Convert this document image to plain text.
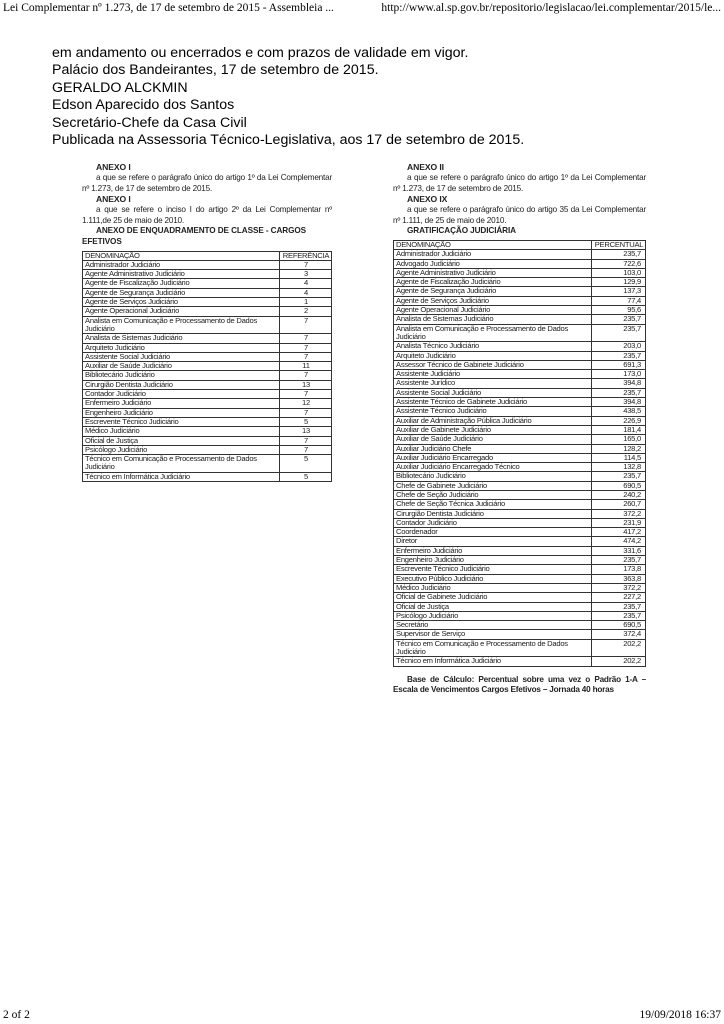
Lei Complementar nº 1.273, de 17 de setembro de 2015 - Assembleia ...	http://www.al.sp.gov.br/repositorio/legislacao/lei.complementar/2015/le...
em andamento ou encerrados e com prazos de validade em vigor.
Palácio dos Bandeirantes, 17 de setembro de 2015.
GERALDO ALCKMIN
Edson Aparecido dos Santos
Secretário-Chefe da Casa Civil
Publicada na Assessoria Técnico-Legislativa, aos 17 de setembro de 2015.
ANEXO I
a que se refere o parágrafo único do artigo 1º da Lei Complementar nº 1.273, de 17 de setembro de 2015.
ANEXO I
a que se refere o inciso I do artigo 2º da Lei Complementar nº 1.111,de 25 de maio de 2010.
ANEXO DE ENQUADRAMENTO DE CLASSE - CARGOS EFETIVOS
DENOMINAÇÃO	REFERÊNCIA
Administrador Judiciário	7
Agente Administrativo Judiciário	3
Agente de Fiscalização Judiciário	4
Agente de Segurança Judiciário	4
Agente de Serviços Judiciário	1
Agente Operacional Judiciário	2
Analista em Comunicação e Processamento de Dados Judiciário	7
Analista de Sistemas Judiciário	7
Arquiteto Judiciário	7
Assistente Social Judiciário	7
Auxiliar de Saúde Judiciário	11
Bibliotecário Judiciário	7
Cirurgião Dentista Judiciário	13
Contador Judiciário	7
Enfermeiro Judiciário	12
Engenheiro Judiciário	7
Escrevente Técnico Judiciário	5
Médico Judiciário	13
Oficial de Justiça	7
Psicólogo Judiciário	7
Técnico em Comunicação e Processamento de Dados Judiciário	5
Técnico em Informática Judiciário	5
ANEXO II
a que se refere o parágrafo único do artigo 1º da Lei Complementar nº 1.273, de 17 de setembro de 2015.
ANEXO IX
a que se refere o parágrafo único do artigo 35 da Lei Complementar nº 1.111, de 25 de maio de 2010.
GRATIFICAÇÃO JUDICIÁRIA
DENOMINAÇÃO	PERCENTUAL
Administrador Judiciário	235,7
Advogado Judiciário	722,6
Agente Administrativo Judiciário	103,0
Agente de Fiscalização Judiciário	129,9
Agente de Segurança Judiciário	137,3
Agente de Serviços Judiciário	77,4
Agente Operacional Judiciário	95,6
Analista de Sistemas Judiciário	235,7
Analista em Comunicação e Processamento de Dados Judiciário	235,7
Analista Técnico Judiciário	203,0
Arquiteto Judiciário	235,7
Assessor Técnico de Gabinete Judiciário	691,3
Assistente Judiciário	173,0
Assistente Jurídico	394,8
Assistente Social Judiciário	235,7
Assistente Técnico de Gabinete Judiciário	394,8
Assistente Técnico Judiciário	438,5
Auxiliar de Administração Pública Judiciário	226,9
Auxiliar de Gabinete Judiciário	181,4
Auxiliar de Saúde Judiciário	165,0
Auxiliar Judiciário Chefe	128,2
Auxiliar Judiciário Encarregado	114,5
Auxiliar Judiciário Encarregado Técnico	132,8
Bibliotecário Judiciário	235,7
Chefe de Gabinete Judiciário	690,5
Chefe de Seção Judiciário	240,2
Chefe de Seção Técnica Judiciário	260,7
Cirurgião Dentista Judiciário	372,2
Contador Judiciário	231,9
Coordenador	417,2
Diretor	474,2
Enfermeiro Judiciário	331,6
Engenheiro Judiciário	235,7
Escrevente Técnico Judiciário	173,8
Executivo Público Judiciário	363,8
Médico Judiciário	372,2
Oficial de Gabinete Judiciário	227,2
Oficial de Justiça	235,7
Psicólogo Judiciário	235,7
Secretário	690,5
Supervisor de Serviço	372,4
Técnico em Comunicação e Processamento de Dados Judiciário	202,2
Técnico em Informática Judiciário	202,2
Base de Cálculo: Percentual sobre uma vez o Padrão 1-A – Escala de Vencimentos Cargos Efetivos – Jornada 40 horas
2 of 2	19/09/2018 16:37
